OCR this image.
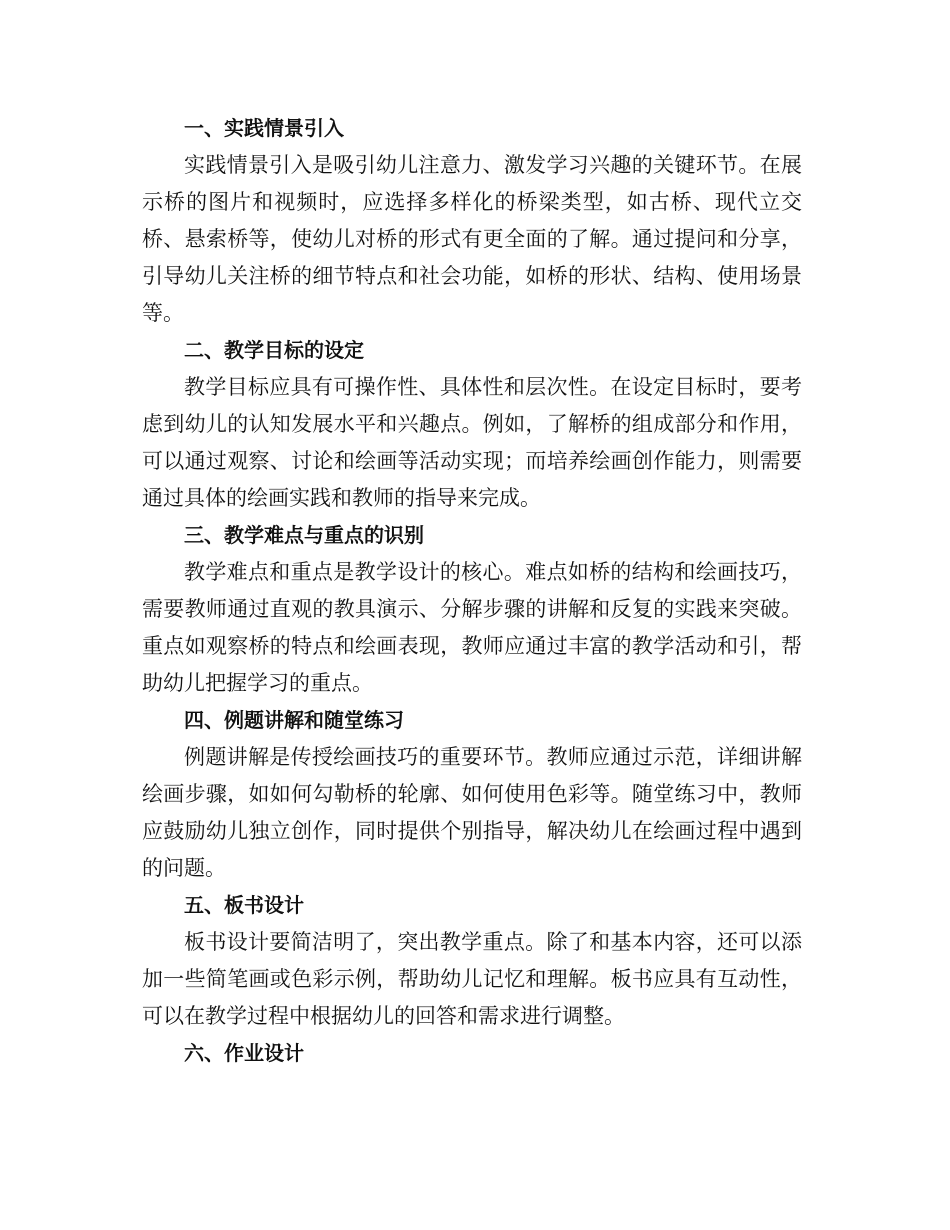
一、实践情景引入

实践情景引入是吸引幼儿注意力、激发学习兴趣的关键环节。在展示桥的图片和视频时，应选择多样化的桥梁类型，如古桥、现代立交桥、悬索桥等，使幼儿对桥的形式有更全面的了解。通过提问和分享，引导幼儿关注桥的细节特点和社会功能，如桥的形状、结构、使用场景等。

二、教学目标的设定

教学目标应具有可操作性、具体性和层次性。在设定目标时，要考虑到幼儿的认知发展水平和兴趣点。例如，了解桥的组成部分和作用，可以通过观察、讨论和绘画等活动实现；而培养绘画创作能力，则需要通过具体的绘画实践和教师的指导来完成。

三、教学难点与重点的识别

教学难点和重点是教学设计的核心。难点如桥的结构和绘画技巧，需要教师通过直观的教具演示、分解步骤的讲解和反复的实践来突破。重点如观察桥的特点和绘画表现，教师应通过丰富的教学活动和引，帮助幼儿把握学习的重点。

四、例题讲解和随堂练习

例题讲解是传授绘画技巧的重要环节。教师应通过示范，详细讲解绘画步骤，如如何勾勒桥的轮廓、如何使用色彩等。随堂练习中，教师应鼓励幼儿独立创作，同时提供个别指导，解决幼儿在绘画过程中遇到的问题。

五、板书设计

板书设计要简洁明了，突出教学重点。除了和基本内容，还可以添加一些简笔画或色彩示例，帮助幼儿记忆和理解。板书应具有互动性，可以在教学过程中根据幼儿的回答和需求进行调整。

六、作业设计
